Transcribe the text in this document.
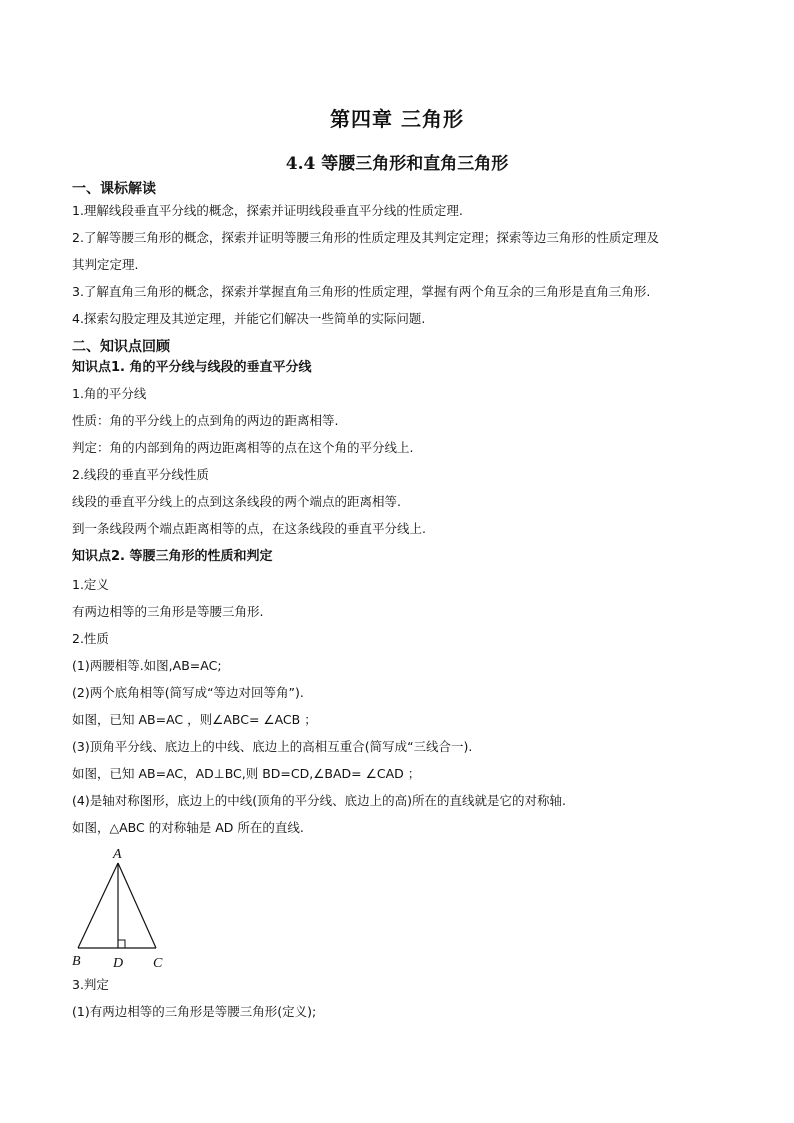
第四章 三角形
4.4 等腰三角形和直角三角形
一、课标解读
1.理解线段垂直平分线的概念，探索并证明线段垂直平分线的性质定理.
2.了解等腰三角形的概念，探索并证明等腰三角形的性质定理及其判定定理；探索等边三角形的性质定理及
其判定定理.
3.了解直角三角形的概念，探索并掌握直角三角形的性质定理，掌握有两个角互余的三角形是直角三角形.
4.探索勾股定理及其逆定理，并能它们解决一些简单的实际问题.
二、知识点回顾
知识点1. 角的平分线与线段的垂直平分线
1.角的平分线
性质：角的平分线上的点到角的两边的距离相等.
判定：角的内部到角的两边距离相等的点在这个角的平分线上.
2.线段的垂直平分线性质
线段的垂直平分线上的点到这条线段的两个端点的距离相等.
到一条线段两个端点距离相等的点，在这条线段的垂直平分线上.
知识点2. 等腰三角形的性质和判定
1.定义
有两边相等的三角形是等腰三角形.
2.性质
(1)两腰相等.如图,AB=AC;
(2)两个底角相等(简写成“等边对回等角”).
如图，已知 AB=AC ，则∠ABC= ∠ACB ；
(3)顶角平分线、底边上的中线、底边上的高相互重合(简写成“三线合一).
如图，已知 AB=AC，AD⊥BC,则 BD=CD,∠BAD= ∠CAD ；
(4)是轴对称图形，底边上的中线(顶角的平分线、底边上的高)所在的直线就是它的对称轴.
如图，△ABC 的对称轴是 AD 所在的直线.
A
B D C
3.判定
(1)有两边相等的三角形是等腰三角形(定义);
